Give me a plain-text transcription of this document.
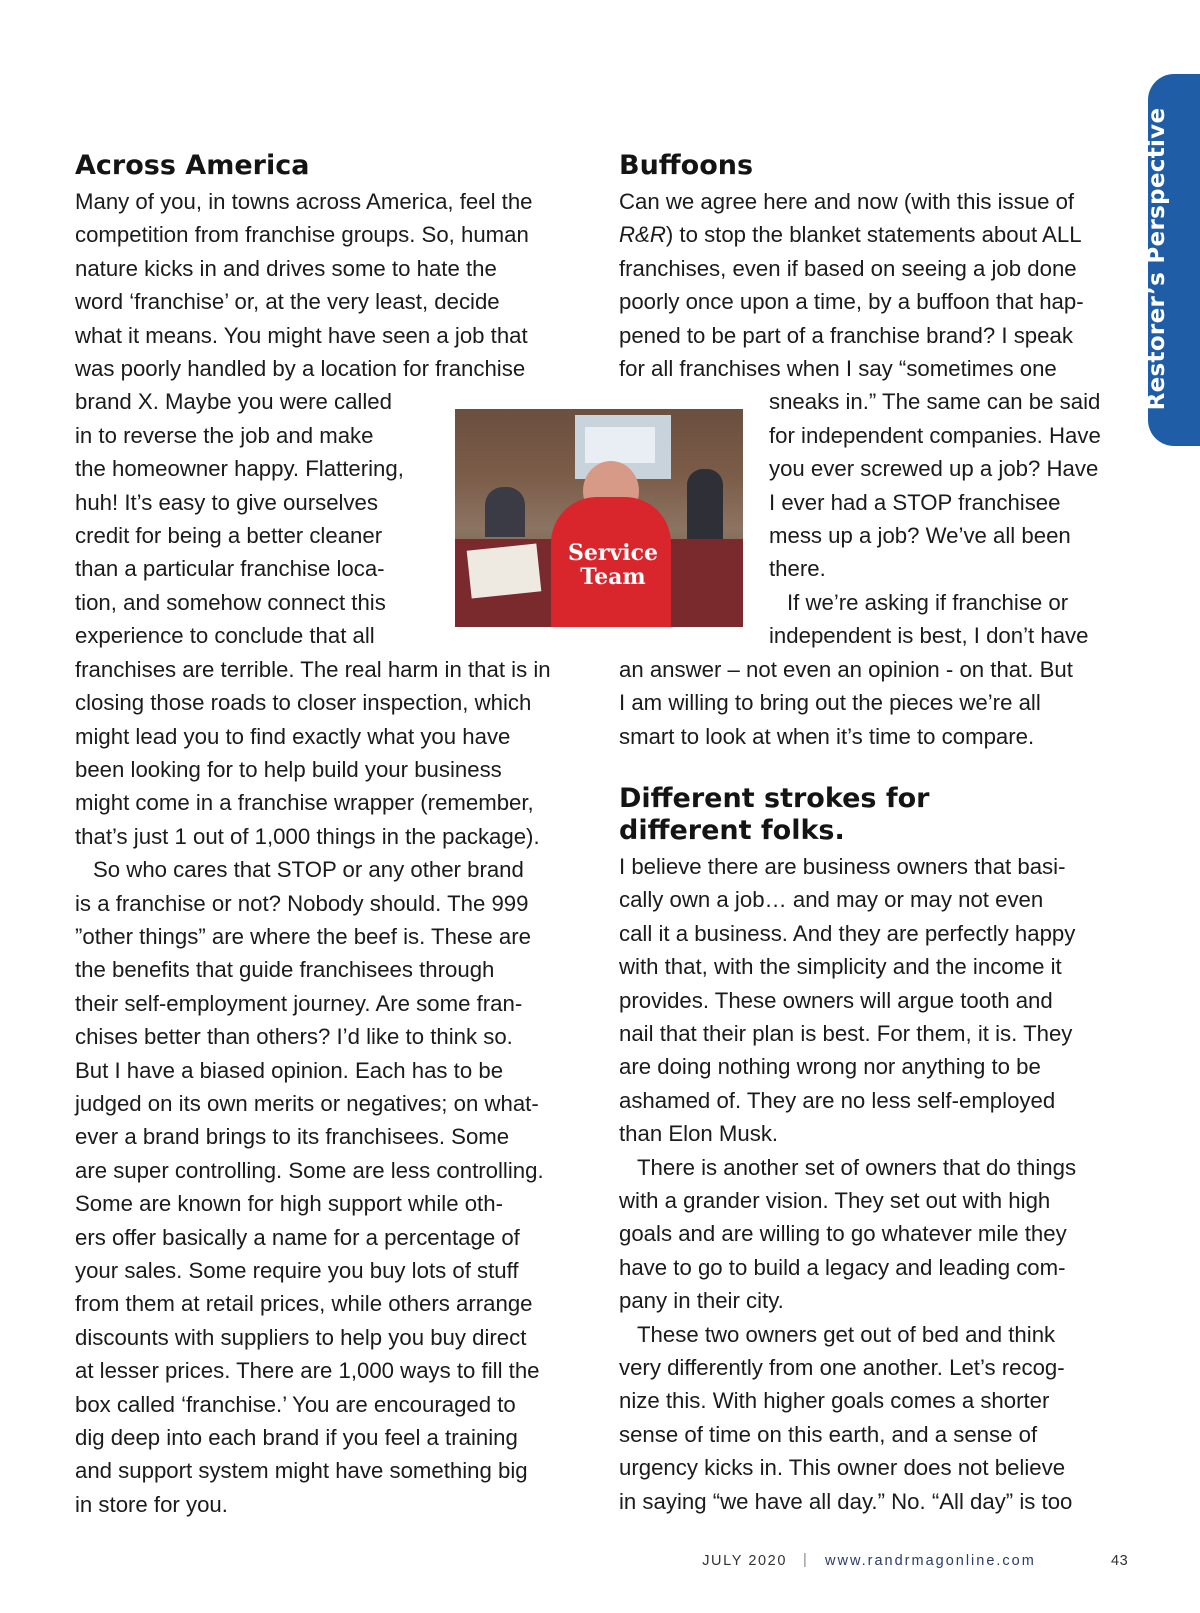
Restorer’s Perspective
Across America
Many of you, in towns across America, feel the
competition from franchise groups. So, human
nature kicks in and drives some to hate the
word ‘franchise’ or, at the very least, decide
what it means. You might have seen a job that
was poorly handled by a location for franchise
brand X. Maybe you were called
in to reverse the job and make
the homeowner happy. Flattering,
huh! It’s easy to give ourselves
credit for being a better cleaner
than a particular franchise loca-
tion, and somehow connect this
experience to conclude that all
franchises are terrible. The real harm in that is in
closing those roads to closer inspection, which
might lead you to find exactly what you have
been looking for to help build your business
might come in a franchise wrapper (remember,
that’s just 1 out of 1,000 things in the package).
So who cares that STOP or any other brand
is a franchise or not? Nobody should. The 999
”other things” are where the beef is. These are
the benefits that guide franchisees through
their self-employment journey. Are some fran-
chises better than others? I’d like to think so.
But I have a biased opinion. Each has to be
judged on its own merits or negatives; on what-
ever a brand brings to its franchisees. Some
are super controlling. Some are less controlling.
Some are known for high support while oth-
ers offer basically a name for a percentage of
your sales. Some require you buy lots of stuff
from them at retail prices, while others arrange
discounts with suppliers to help you buy direct
at lesser prices. There are 1,000 ways to fill the
box called ‘franchise.’ You are encouraged to
dig deep into each brand if you feel a training
and support system might have something big
in store for you.
Service
Team
Buffoons
Can we agree here and now (with this issue of
R&R) to stop the blanket statements about ALL
franchises, even if based on seeing a job done
poorly once upon a time, by a buffoon that hap-
pened to be part of a franchise brand? I speak
for all franchises when I say “sometimes one
sneaks in.” The same can be said
for independent companies. Have
you ever screwed up a job? Have
I ever had a STOP franchisee
mess up a job? We’ve all been
there.
If we’re asking if franchise or
independent is best, I don’t have
an answer – not even an opinion - on that. But
I am willing to bring out the pieces we’re all
smart to look at when it’s time to compare.
Different strokes for
different folks.
I believe there are business owners that basi-
cally own a job… and may or may not even
call it a business. And they are perfectly happy
with that, with the simplicity and the income it
provides. These owners will argue tooth and
nail that their plan is best. For them, it is. They
are doing nothing wrong nor anything to be
ashamed of. They are no less self-employed
than Elon Musk.
There is another set of owners that do things
with a grander vision. They set out with high
goals and are willing to go whatever mile they
have to go to build a legacy and leading com-
pany in their city.
These two owners get out of bed and think
very differently from one another. Let’s recog-
nize this. With higher goals comes a shorter
sense of time on this earth, and a sense of
urgency kicks in. This owner does not believe
in saying “we have all day.” No. “All day” is too
JULY 2020 | www.randrmagonline.com	43
